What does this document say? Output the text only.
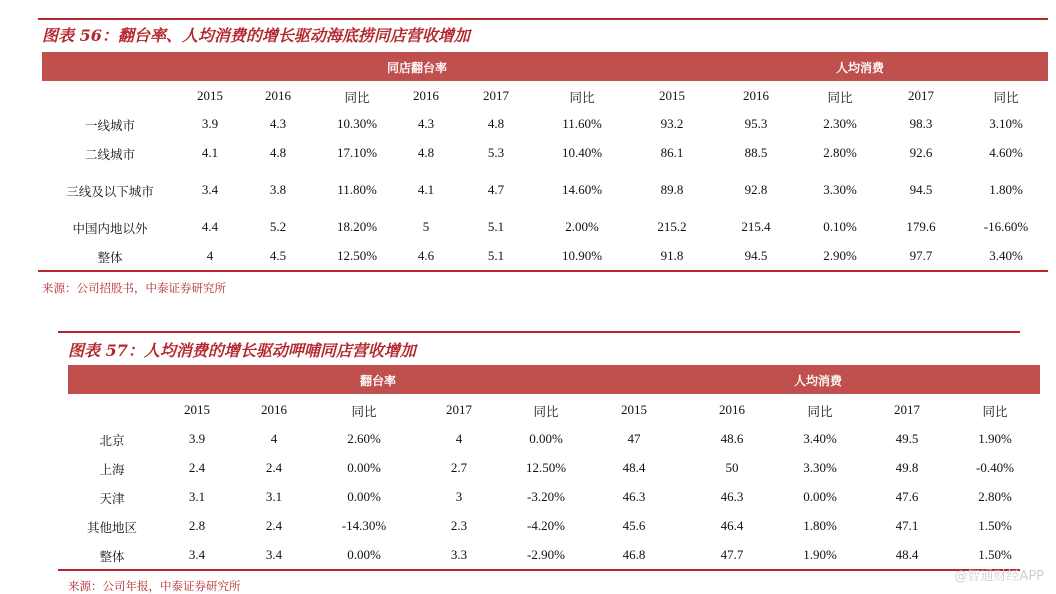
图表 56：翻台率、人均消费的增长驱动海底捞同店营收增加
同店翻台率	人均消费
2015	2016	同比	2016	2017	同比	2015	2016	同比	2017	同比
一线城市	3.9	4.3	10.30%	4.3	4.8	11.60%	93.2	95.3	2.30%	98.3	3.10%
二线城市	4.1	4.8	17.10%	4.8	5.3	10.40%	86.1	88.5	2.80%	92.6	4.60%
三线及以下城市	3.4	3.8	11.80%	4.1	4.7	14.60%	89.8	92.8	3.30%	94.5	1.80%
中国内地以外	4.4	5.2	18.20%	5	5.1	2.00%	215.2	215.4	0.10%	179.6	-16.60%
整体	4	4.5	12.50%	4.6	5.1	10.90%	91.8	94.5	2.90%	97.7	3.40%
来源：公司招股书，中泰证券研究所
图表 57：人均消费的增长驱动呷哺同店营收增加
翻台率	人均消费
2015	2016	同比	2017	同比	2015	2016	同比	2017	同比
北京	3.9	4	2.60%	4	0.00%	47	48.6	3.40%	49.5	1.90%
上海	2.4	2.4	0.00%	2.7	12.50%	48.4	50	3.30%	49.8	-0.40%
天津	3.1	3.1	0.00%	3	-3.20%	46.3	46.3	0.00%	47.6	2.80%
其他地区	2.8	2.4	-14.30%	2.3	-4.20%	45.6	46.4	1.80%	47.1	1.50%
整体	3.4	3.4	0.00%	3.3	-2.90%	46.8	47.7	1.90%	48.4	1.50%
来源：公司年报，中泰证券研究所
@智通财经APP
